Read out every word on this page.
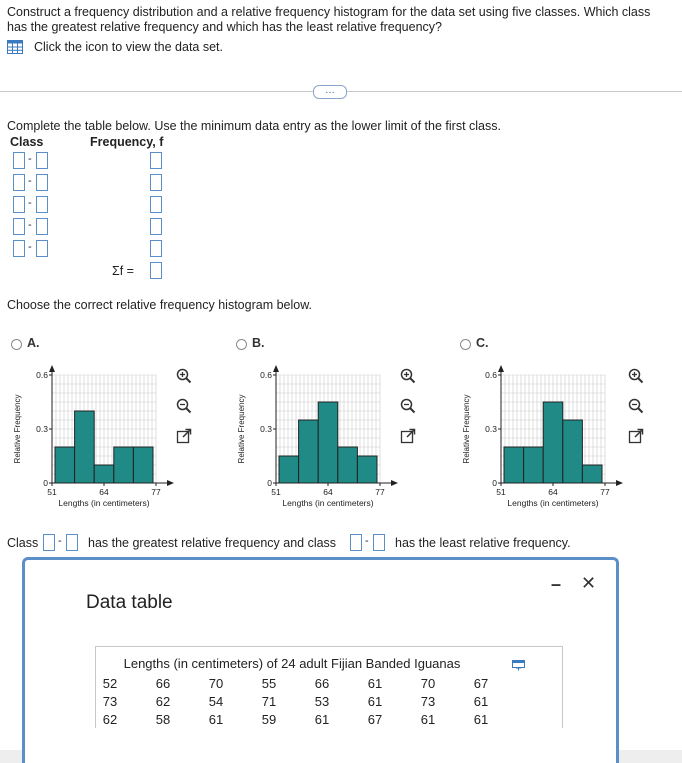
Construct a frequency distribution and a relative frequency histogram for the data set using five classes. Which class
has the greatest relative frequency and which has the least relative frequency?
Click the icon to view the data set.
…
Complete the table below. Use the minimum data entry as the lower limit of the first class.
Class	Frequency, f
-
-
-
-
-
Σf =
Choose the correct relative frequency histogram below.
A.	B.	C.
0
0.3
0.6
51	64	77
Lengths (in centimeters)
Relative Frequency
0
0.3
0.6
51	64	77
Lengths (in centimeters)
Relative Frequency
0
0.3
0.6
51	64	77
Lengths (in centimeters)
Relative Frequency
Class - has the greatest relative frequency and class	- has the least relative frequency.
Data table
– ✕
Lengths (in centimeters) of 24 adult Fijian Banded Iguanas
52	66	70	55	66	61	70	67
73	62	54	71	53	61	73	61
62	58	61	59	61	67	61	61
